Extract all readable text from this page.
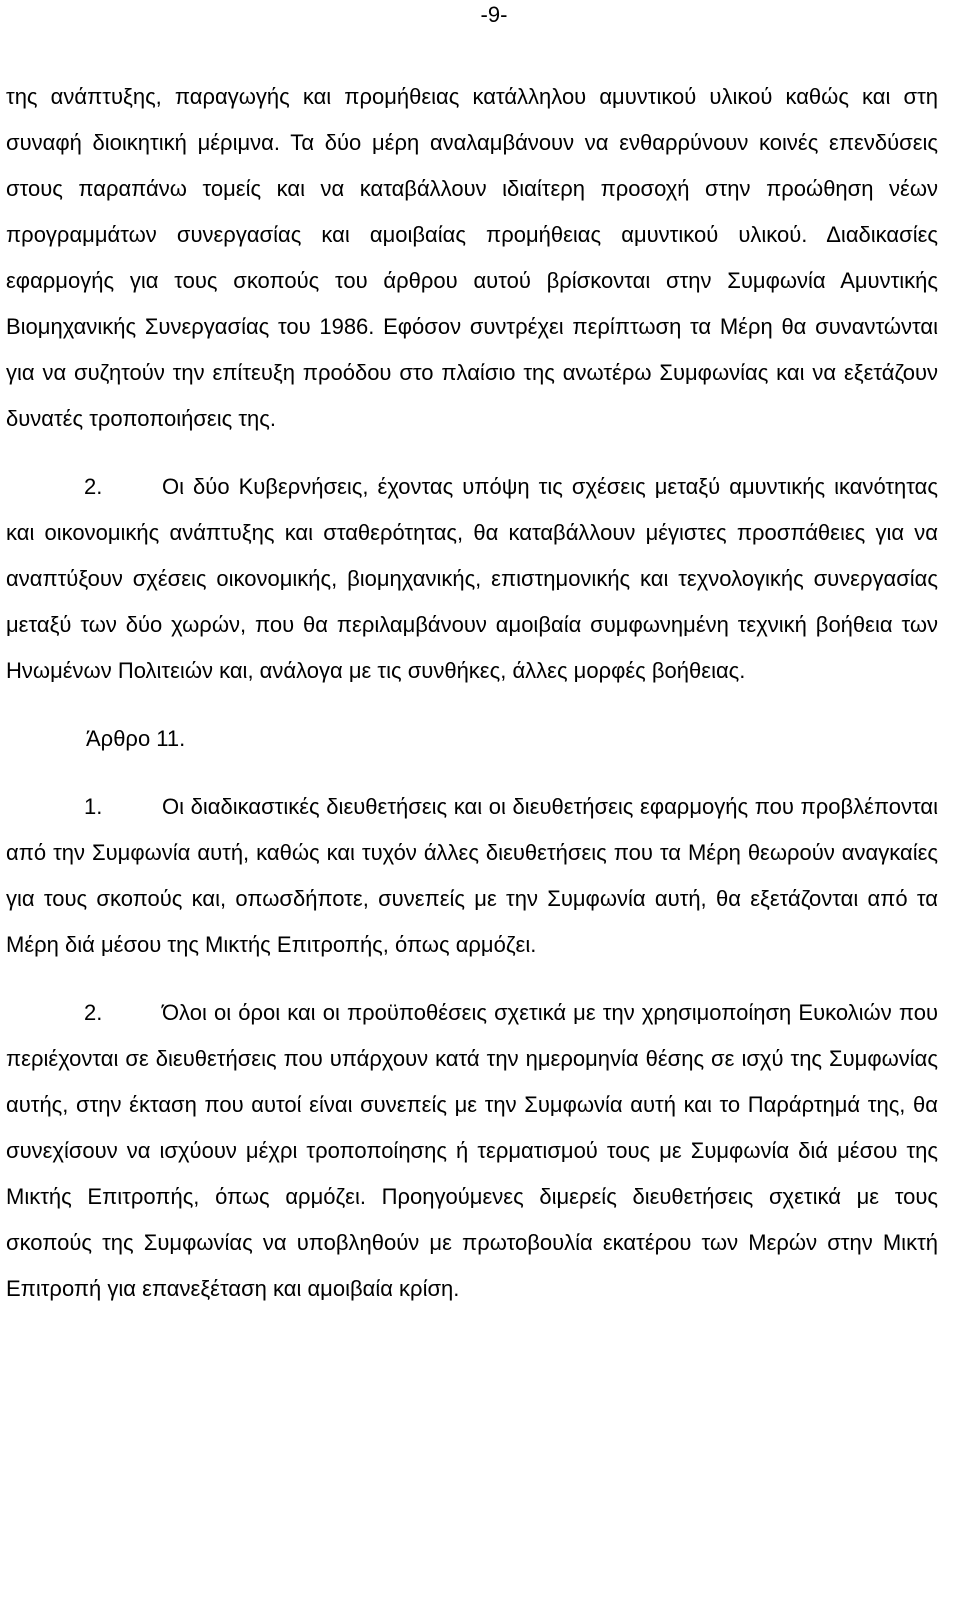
-9-

της ανάπτυξης, παραγωγής και προμήθειας κατάλληλου αμυντικού υλικού καθώς και στη συναφή διοικητική μέριμνα. Τα δύο μέρη αναλαμβάνουν να ενθαρρύνουν κοινές επενδύσεις στους παραπάνω τομείς και να καταβάλλουν ιδιαίτερη προσοχή στην προώθηση νέων προγραμμάτων συνεργασίας και αμοιβαίας προμήθειας αμυντικού υλικού. Διαδικασίες εφαρμογής για τους σκοπούς του άρθρου αυτού βρίσκονται στην Συμφωνία Αμυντικής Βιομηχανικής Συνεργασίας του 1986. Εφόσον συντρέχει περίπτωση τα Μέρη θα συναντώνται για να συζητούν την επίτευξη προόδου στο πλαίσιο της ανωτέρω Συμφωνίας και να εξετάζουν δυνατές τροποποιήσεις της.

2.	Οι δύο Κυβερνήσεις, έχοντας υπόψη τις σχέσεις μεταξύ αμυντικής ικανότητας και οικονομικής ανάπτυξης και σταθερότητας, θα καταβάλλουν μέγιστες προσπάθειες για να αναπτύξουν σχέσεις οικονομικής, βιομηχανικής, επιστημονικής και τεχνολογικής συνεργασίας μεταξύ των δύο χωρών, που θα περιλαμβάνουν αμοιβαία συμφωνημένη τεχνική βοήθεια των Ηνωμένων Πολιτειών και, ανάλογα με τις συνθήκες, άλλες μορφές βοήθειας.

Άρθρο 11.

1.	Οι διαδικαστικές διευθετήσεις και οι διευθετήσεις εφαρμογής που προβλέπονται από την Συμφωνία αυτή, καθώς και τυχόν άλλες διευθετήσεις που τα Μέρη θεωρούν αναγκαίες για τους σκοπούς και, οπωσδήποτε, συνεπείς με την Συμφωνία αυτή, θα εξετάζονται από τα Μέρη διά μέσου της Μικτής Επιτροπής, όπως αρμόζει.

2.	Όλοι οι όροι και οι προϋποθέσεις σχετικά με την χρησιμοποίηση Ευκολιών που περιέχονται σε διευθετήσεις που υπάρχουν κατά την ημερομηνία θέσης σε ισχύ της Συμφωνίας αυτής, στην έκταση που αυτοί είναι συνεπείς με την Συμφωνία αυτή και το Παράρτημά της, θα συνεχίσουν να ισχύουν μέχρι τροποποίησης ή τερματισμού τους με Συμφωνία διά μέσου της Μικτής Επιτροπής, όπως αρμόζει. Προηγούμενες διμερείς διευθετήσεις σχετικά με τους σκοπούς της Συμφωνίας να υποβληθούν με πρωτοβουλία εκατέρου των Μερών στην Μικτή Επιτροπή για επανεξέταση και αμοιβαία κρίση.
